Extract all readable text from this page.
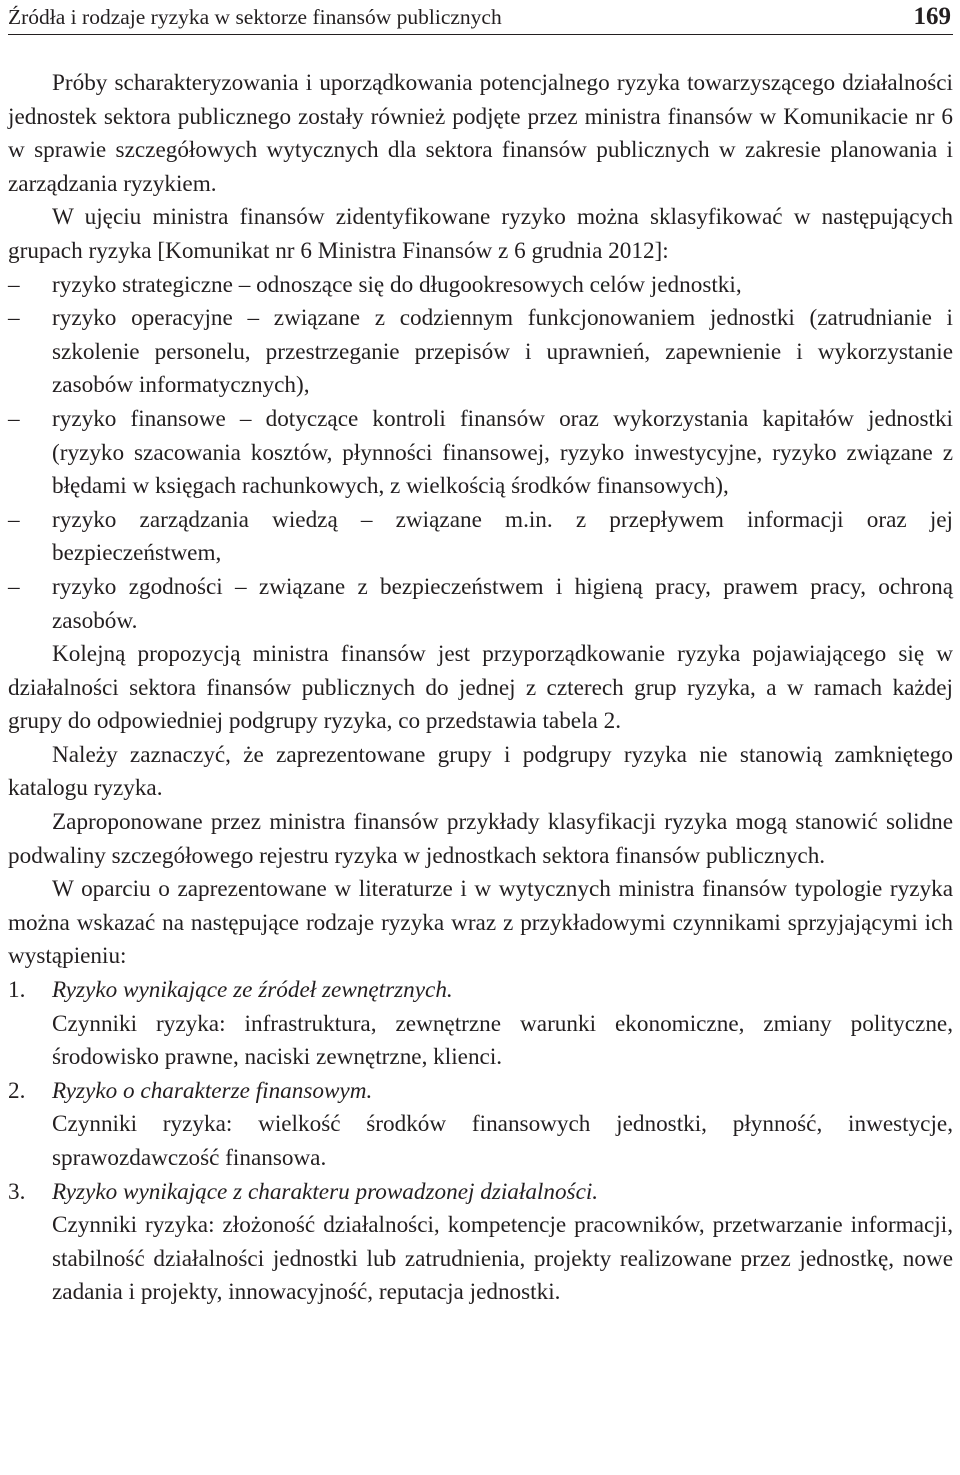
Źródła i rodzaje ryzyka w sektorze finansów publicznych	169

Próby scharakteryzowania i uporządkowania potencjalnego ryzyka towarzyszącego działalności jednostek sektora publicznego zostały również podjęte przez ministra finansów w Komunikacie nr 6 w sprawie szczegółowych wytycznych dla sektora finansów publicznych w zakresie planowania i zarządzania ryzykiem.

W ujęciu ministra finansów zidentyfikowane ryzyko można sklasyfikować w następujących grupach ryzyka [Komunikat nr 6 Ministra Finansów z 6 grudnia 2012]:

– ryzyko strategiczne – odnoszące się do długookresowych celów jednostki,
– ryzyko operacyjne – związane z codziennym funkcjonowaniem jednostki (zatrudnianie i szkolenie personelu, przestrzeganie przepisów i uprawnień, zapewnienie i wykorzystanie zasobów informatycznych),
– ryzyko finansowe – dotyczące kontroli finansów oraz wykorzystania kapitałów jednostki (ryzyko szacowania kosztów, płynności finansowej, ryzyko inwestycyjne, ryzyko związane z błędami w księgach rachunkowych, z wielkością środków finansowych),
– ryzyko zarządzania wiedzą – związane m.in. z przepływem informacji oraz jej bezpieczeństwem,
– ryzyko zgodności – związane z bezpieczeństwem i higieną pracy, prawem pracy, ochroną zasobów.

Kolejną propozycją ministra finansów jest przyporządkowanie ryzyka pojawiającego się w działalności sektora finansów publicznych do jednej z czterech grup ryzyka, a w ramach każdej grupy do odpowiedniej podgrupy ryzyka, co przedstawia tabela 2.

Należy zaznaczyć, że zaprezentowane grupy i podgrupy ryzyka nie stanowią zamkniętego katalogu ryzyka.

Zaproponowane przez ministra finansów przykłady klasyfikacji ryzyka mogą stanowić solidne podwaliny szczegółowego rejestru ryzyka w jednostkach sektora finansów publicznych.

W oparciu o zaprezentowane w literaturze i w wytycznych ministra finansów typologie ryzyka można wskazać na następujące rodzaje ryzyka wraz z przykładowymi czynnikami sprzyjającymi ich wystąpieniu:

1. Ryzyko wynikające ze źródeł zewnętrznych.
Czynniki ryzyka: infrastruktura, zewnętrzne warunki ekonomiczne, zmiany polityczne, środowisko prawne, naciski zewnętrzne, klienci.
2. Ryzyko o charakterze finansowym.
Czynniki ryzyka: wielkość środków finansowych jednostki, płynność, inwestycje, sprawozdawczość finansowa.
3. Ryzyko wynikające z charakteru prowadzonej działalności.
Czynniki ryzyka: złożoność działalności, kompetencje pracowników, przetwarzanie informacji, stabilność działalności jednostki lub zatrudnienia, projekty realizowane przez jednostkę, nowe zadania i projekty, innowacyjność, reputacja jednostki.
